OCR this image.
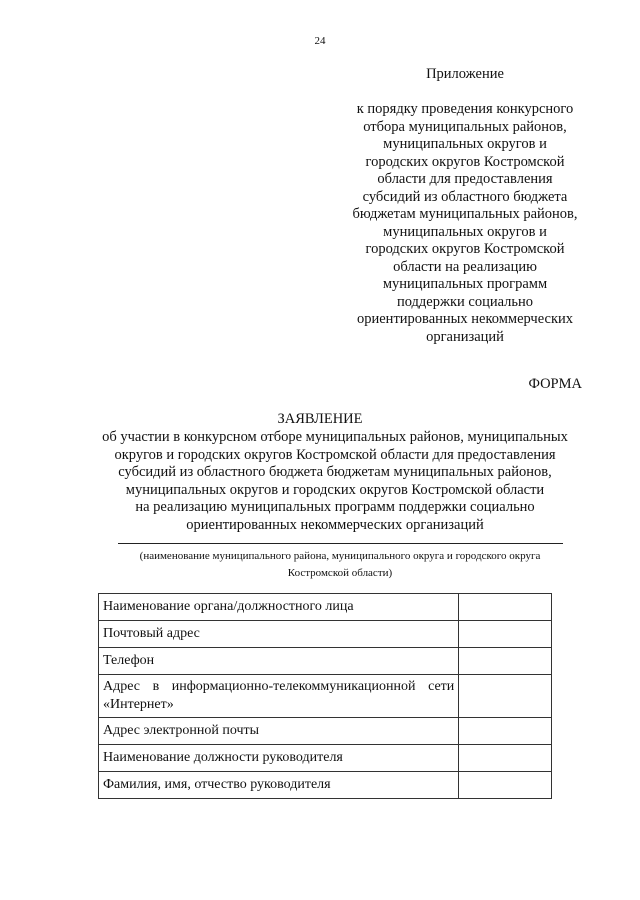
24
Приложение
к порядку проведения конкурсного
отбора муниципальных районов,
муниципальных округов и
городских округов Костромской
области для предоставления
субсидий из областного бюджета
бюджетам муниципальных районов,
муниципальных округов и
городских округов Костромской
области на реализацию
муниципальных программ
поддержки социально
ориентированных некоммерческих
организаций
ФОРМА
ЗАЯВЛЕНИЕ
об участии в конкурсном отборе муниципальных районов, муниципальных
округов и городских округов Костромской области для предоставления
субсидий из областного бюджета бюджетам муниципальных районов,
муниципальных округов и городских округов Костромской области
на реализацию муниципальных программ поддержки социально
ориентированных некоммерческих организаций
(наименование муниципального района, муниципального округа и городского округа
Костромской области)
Наименование органа/должностного лица	
Почтовый адрес	
Телефон	
Адрес в информационно-телекоммуникационной сети «Интернет»	
Адрес электронной почты	
Наименование должности руководителя	
Фамилия, имя, отчество руководителя	
